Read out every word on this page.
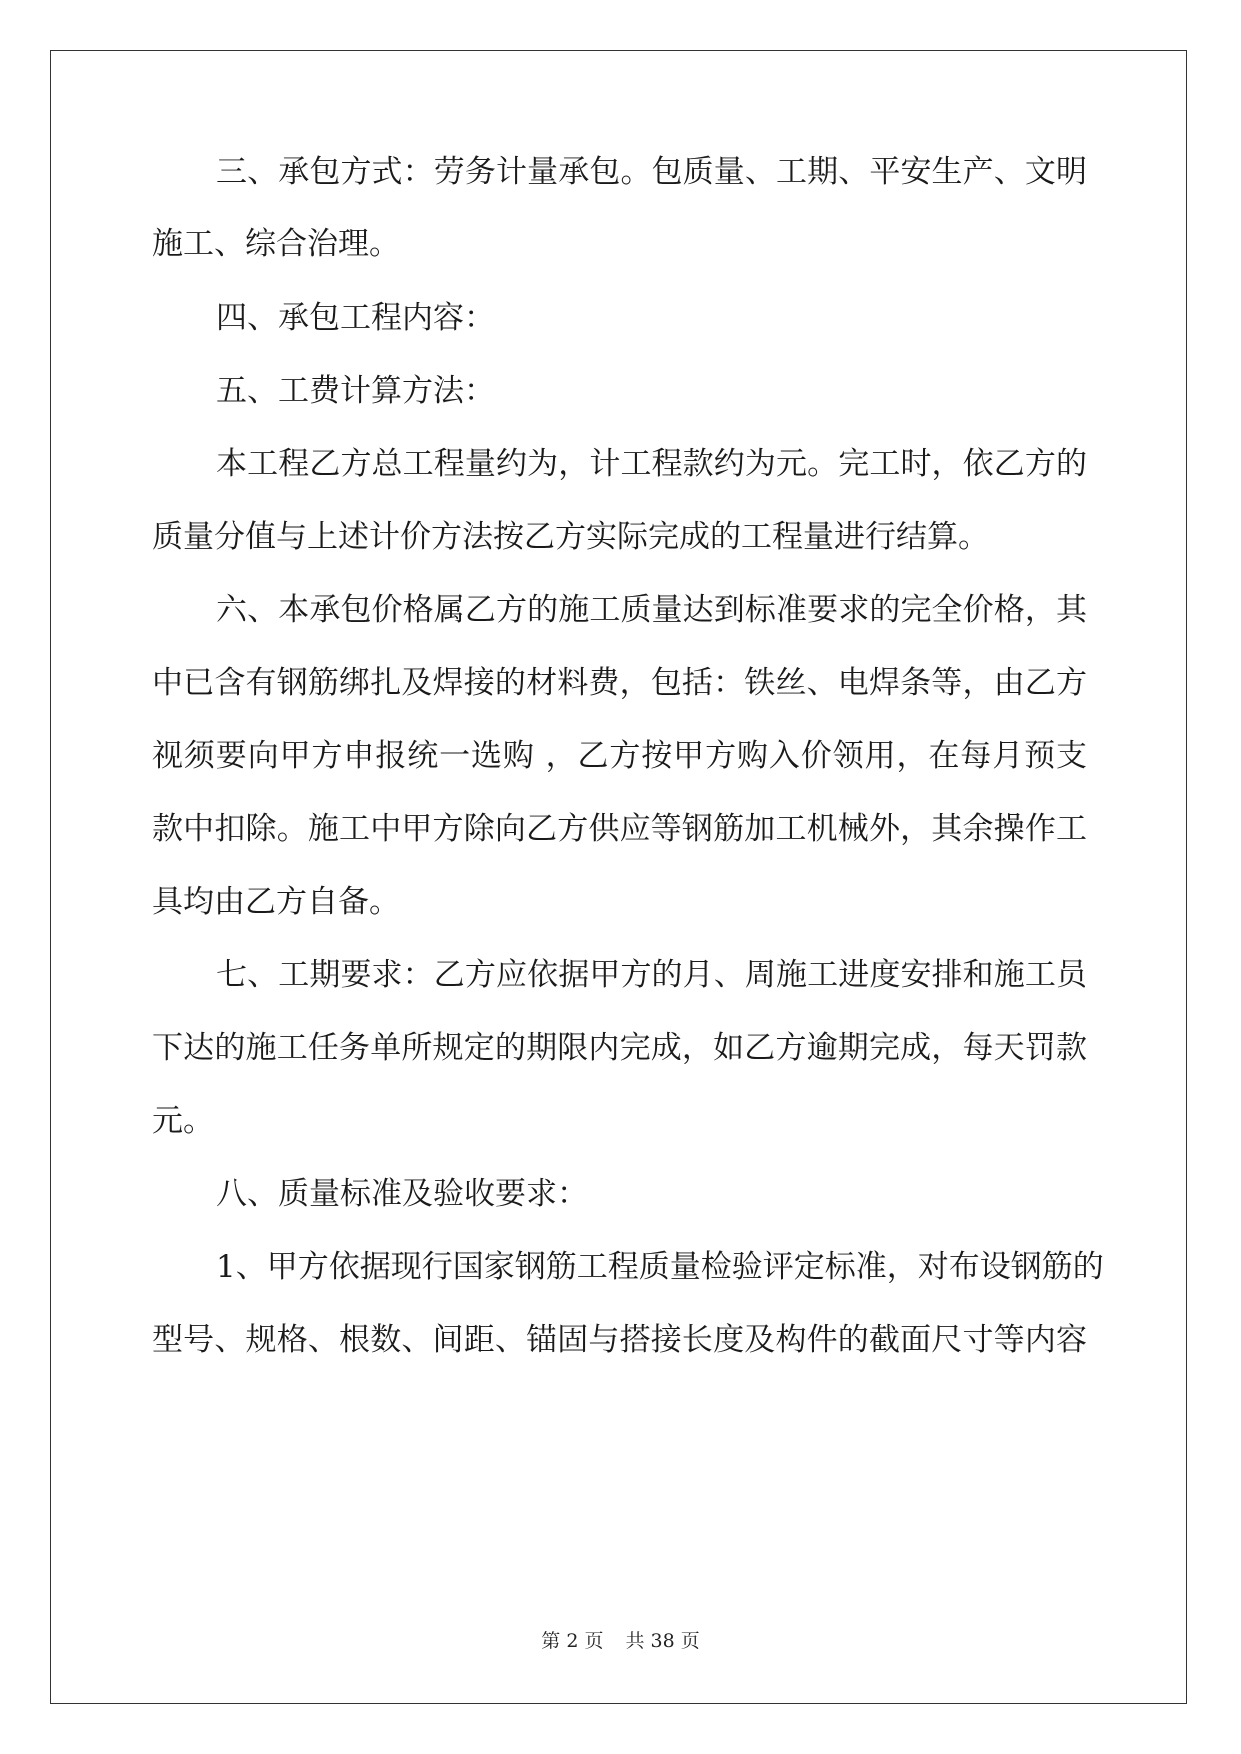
三、承包方式：劳务计量承包。包质量、工期、平安生产、文明
施工、综合治理。
四、承包工程内容：
五、工费计算方法：
本工程乙方总工程量约为，计工程款约为元。完工时，依乙方的
质量分值与上述计价方法按乙方实际完成的工程量进行结算。
六、本承包价格属乙方的施工质量达到标准要求的完全价格，其
中已含有钢筋绑扎及焊接的材料费，包括：铁丝、电焊条等，由乙方
视须要向甲方申报统一选购 ，乙方按甲方购入价领用，在每月预支
款中扣除。施工中甲方除向乙方供应等钢筋加工机械外，其余操作工
具均由乙方自备。
七、工期要求：乙方应依据甲方的月、周施工进度安排和施工员
下达的施工任务单所规定的期限内完成，如乙方逾期完成，每天罚款
元。
八、质量标准及验收要求：
1、甲方依据现行国家钢筋工程质量检验评定标准，对布设钢筋的
型号、规格、根数、间距、锚固与搭接长度及构件的截面尺寸等内容
第 2 页 共 38 页
